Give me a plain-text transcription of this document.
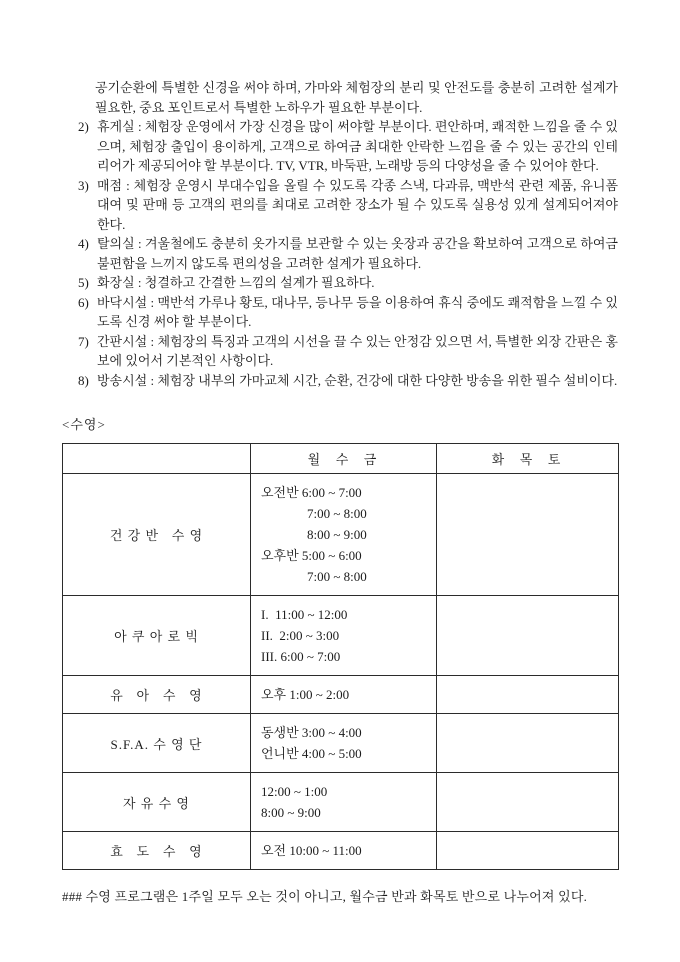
공기순환에 특별한 신경을 써야 하며, 가마와 체험장의 분리 및 안전도를 충분히 고려한 설계가 필요한, 중요 포인트로서 특별한 노하우가 필요한 부분이다.

2) 휴게실 : 체험장 운영에서 가장 신경을 많이 써야할 부분이다. 편안하며, 쾌적한 느낌을 줄 수 있으며, 체험장 출입이 용이하게, 고객으로 하여금 최대한 안락한 느낌을 줄 수 있는 공간의 인테리어가 제공되어야 할 부분이다. TV, VTR, 바둑판, 노래방 등의 다양성을 줄 수 있어야 한다.
3) 매점 : 체험장 운영시 부대수입을 올릴 수 있도록 각종 스낵, 다과류, 맥반석 관련 제품, 유니폼대여 및 판매 등 고객의 편의를 최대로 고려한 장소가 될 수 있도록 실용성 있게 설계되어져야 한다.
4) 탈의실 : 겨울철에도 충분히 옷가지를 보관할 수 있는 옷장과 공간을 확보하여 고객으로 하여금 불편함을 느끼지 않도록 편의성을 고려한 설계가 필요하다.
5) 화장실 : 청결하고 간결한 느낌의 설계가 필요하다.
6) 바닥시설 : 맥반석 가루나 황토, 대나무, 등나무 등을 이용하여 휴식 중에도 쾌적함을 느낄 수 있도록 신경 써야 할 부분이다.
7) 간판시설 : 체험장의 특징과 고객의 시선을 끌 수 있는 안정감 있으면 서, 특별한 외장 간판은 홍보에 있어서 기본적인 사항이다.
8) 방송시설 : 체험장 내부의 가마교체 시간, 순환, 건강에 대한 다양한 방송을 위한 필수 설비이다.
<수영>
	월  수  금	화  목  토
건 강 반   수 영	오전반 6:00 ~ 7:00
7:00 ~ 8:00
8:00 ~ 9:00
오후반 5:00 ~ 6:00
7:00 ~ 8:00	

아 쿠 아 로 빅	I.  11:00 ~ 12:00
II.  2:00 ~ 3:00
III. 6:00 ~ 7:00	

유   아   수   영	오후 1:00 ~ 2:00	

S.F.A. 수 영 단	동생반 3:00 ~ 4:00
언니반 4:00 ~ 5:00	

자 유 수 영	12:00 ~ 1:00
8:00 ~ 9:00	

효   도   수   영	오전 10:00 ~ 11:00	

### 수영 프로그램은 1주일 모두 오는 것이 아니고, 월수금 반과 화목토 반으로 나누어져 있다.
